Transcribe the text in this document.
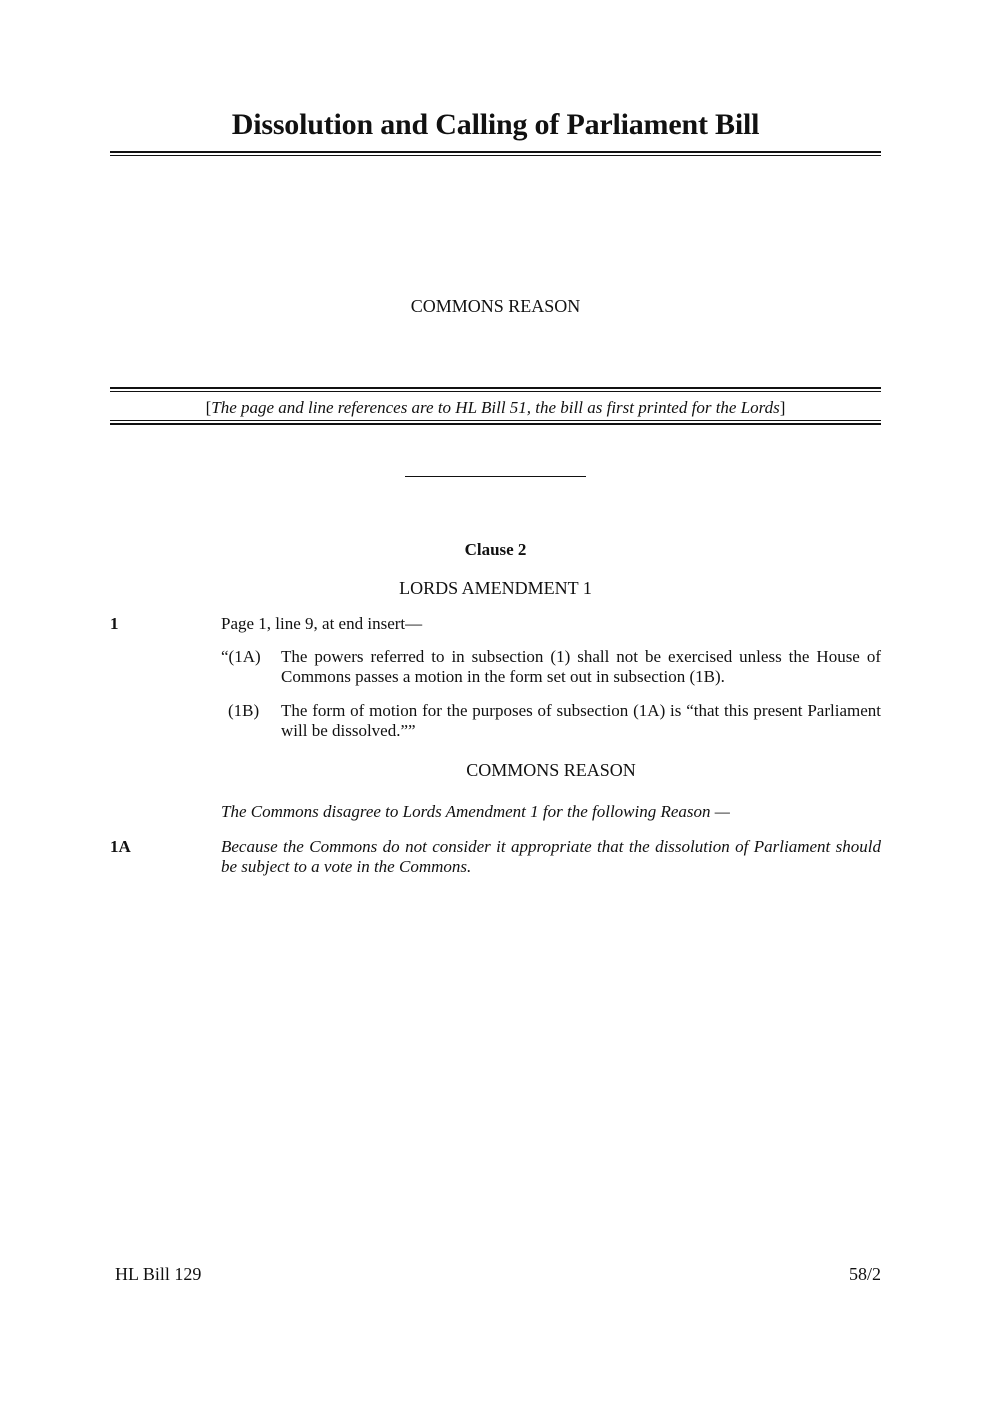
Dissolution and Calling of Parliament Bill
COMMONS REASON
[The page and line references are to HL Bill 51, the bill as first printed for the Lords]
Clause 2
LORDS AMENDMENT 1
1	Page 1, line 9, at end insert—
“(1A) The powers referred to in subsection (1) shall not be exercised unless the House of Commons passes a motion in the form set out in subsection (1B).
(1B) The form of motion for the purposes of subsection (1A) is “that this present Parliament will be dissolved.””
COMMONS REASON
The Commons disagree to Lords Amendment 1 for the following Reason —
1A	Because the Commons do not consider it appropriate that the dissolution of Parliament should be subject to a vote in the Commons.
HL Bill 129	58/2
